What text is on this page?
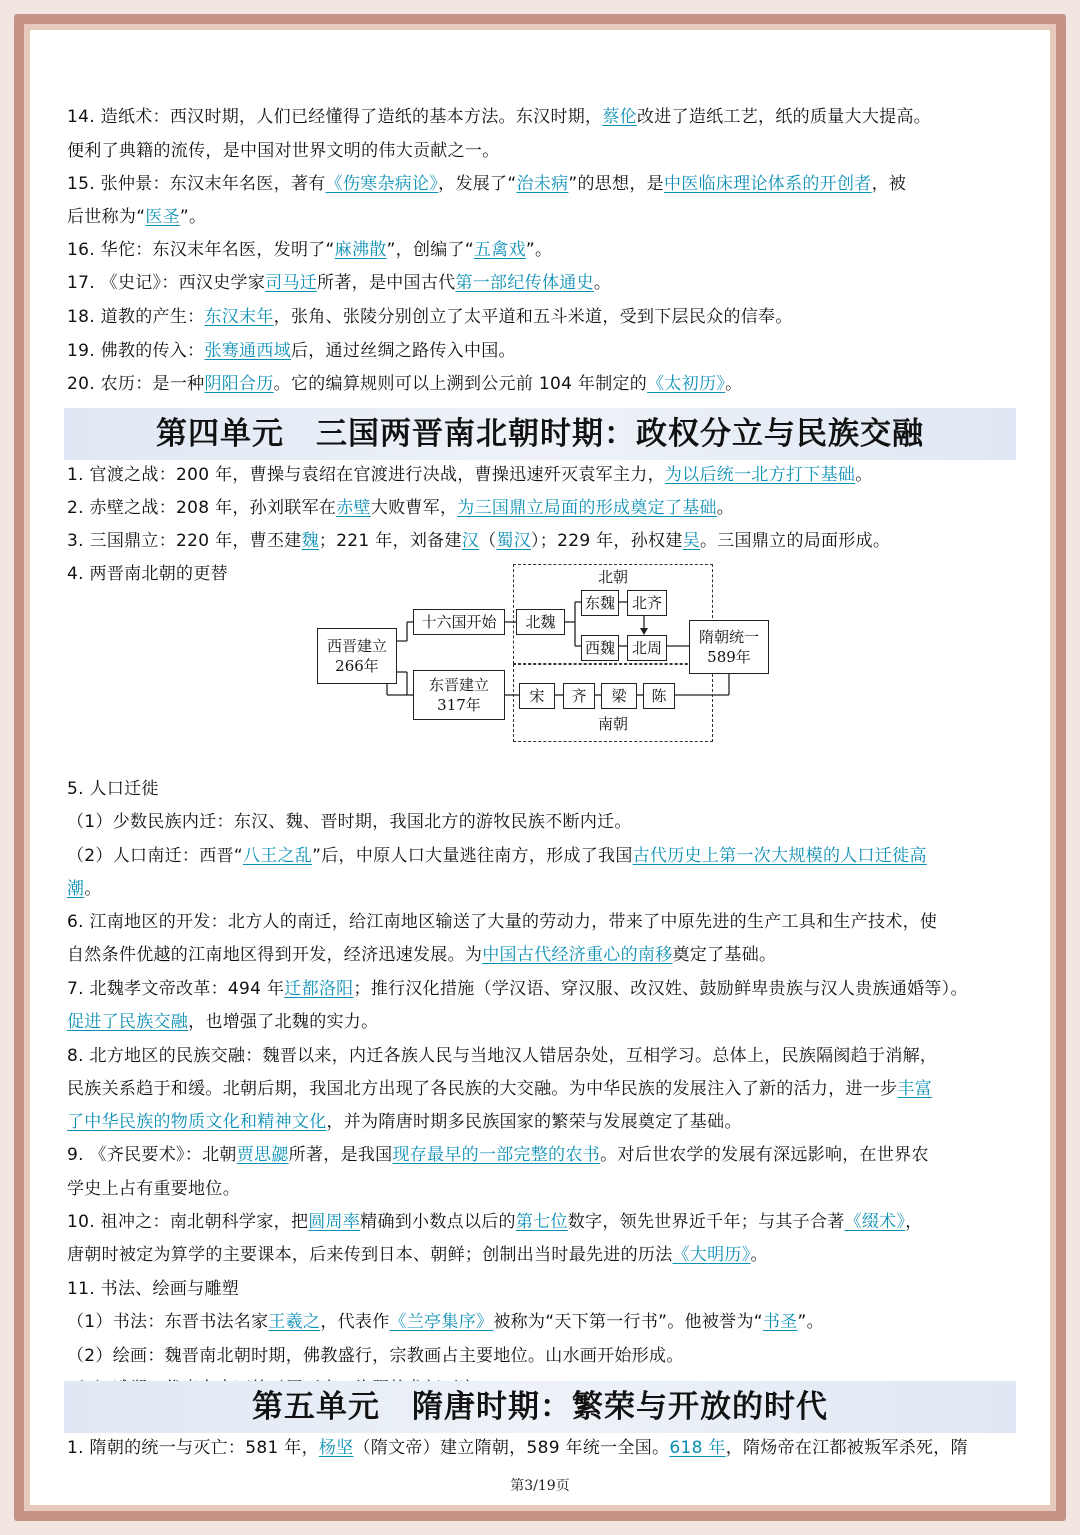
14. 造纸术：西汉时期，人们已经懂得了造纸的基本方法。东汉时期，蔡伦改进了造纸工艺，纸的质量大大提高。
便利了典籍的流传，是中国对世界文明的伟大贡献之一。
15. 张仲景：东汉末年名医，著有《伤寒杂病论》，发展了“治未病”的思想，是中医临床理论体系的开创者，被
后世称为“医圣”。
16. 华佗：东汉末年名医，发明了“麻沸散”，创编了“五禽戏”。
17. 《史记》：西汉史学家司马迁所著，是中国古代第一部纪传体通史。
18. 道教的产生：东汉末年，张角、张陵分别创立了太平道和五斗米道，受到下层民众的信奉。
19. 佛教的传入：张骞通西域后，通过丝绸之路传入中国。
20. 农历：是一种阴阳合历。它的编算规则可以上溯到公元前 104 年制定的《太初历》。
第四单元　三国两晋南北朝时期：政权分立与民族交融
1. 官渡之战：200 年，曹操与袁绍在官渡进行决战，曹操迅速歼灭袁军主力，为以后统一北方打下基础。
2. 赤壁之战：208 年，孙刘联军在赤壁大败曹军，为三国鼎立局面的形成奠定了基础。
3. 三国鼎立：220 年，曹丕建魏；221 年，刘备建汉（蜀汉）；229 年，孙权建吴。三国鼎立的局面形成。
4. 两晋南北朝的更替	北朝
南朝
西晋建立
266年
十六国开始
东晋建立
317年
北魏
东魏	北齐
西魏	北周
宋	齐	梁	陈
隋朝统一
589年
5. 人口迁徙
（1）少数民族内迁：东汉、魏、晋时期，我国北方的游牧民族不断内迁。
（2）人口南迁：西晋“八王之乱”后，中原人口大量逃往南方，形成了我国古代历史上第一次大规模的人口迁徙高
潮。
6. 江南地区的开发：北方人的南迁，给江南地区输送了大量的劳动力，带来了中原先进的生产工具和生产技术，使
自然条件优越的江南地区得到开发，经济迅速发展。为中国古代经济重心的南移奠定了基础。
7. 北魏孝文帝改革：494 年迁都洛阳；推行汉化措施（学汉语、穿汉服、改汉姓、鼓励鲜卑贵族与汉人贵族通婚等）。
促进了民族交融，也增强了北魏的实力。
8. 北方地区的民族交融：魏晋以来，内迁各族人民与当地汉人错居杂处，互相学习。总体上，民族隔阂趋于消解，
民族关系趋于和缓。北朝后期，我国北方出现了各民族的大交融。为中华民族的发展注入了新的活力，进一步丰富
了中华民族的物质文化和精神文化，并为隋唐时期多民族国家的繁荣与发展奠定了基础。
9. 《齐民要术》：北朝贾思勰所著，是我国现存最早的一部完整的农书。对后世农学的发展有深远影响，在世界农
学史上占有重要地位。
10. 祖冲之：南北朝科学家，把圆周率精确到小数点以后的第七位数字，领先世界近千年；与其子合著《缀术》，
唐朝时被定为算学的主要课本，后来传到日本、朝鲜；创制出当时最先进的历法《大明历》。
11. 书法、绘画与雕塑
（1）书法：东晋书法名家王羲之，代表作《兰亭集序》被称为“天下第一行书”。他被誉为“书圣”。
（2）绘画：魏晋南北朝时期，佛教盛行，宗教画占主要地位。山水画开始形成。
第五单元　隋唐时期：繁荣与开放的时代
1. 隋朝的统一与灭亡：581 年，杨坚（隋文帝）建立隋朝，589 年统一全国。618 年，隋炀帝在江都被叛军杀死，隋
第3/19页
